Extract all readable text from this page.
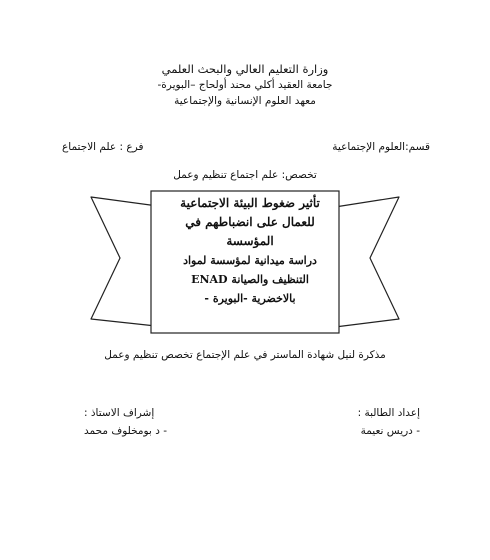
وزارة التعليم العالي والبحث العلمي
جامعة العقيد أكلي محند أولحاج –البويرة-
معهد العلوم الإنسانية والإجتماعية
قسم:العلوم الإجتماعية
فرع : علم الاجتماع
تخصص: علم اجتماع تنظيم وعمل
تأثير ضغوط البيئة الاجتماعية
للعمال على انضباطهم في
المؤسسة
دراسة ميدانية لمؤسسة لمواد
التنظيف والصيانة ENAD
بالاخضرية -البويرة -
مذكرة لنيل شهادة الماستر في علم الإجتماع تخصص تنظيم وعمل
إعداد الطالبة :
- دريس نعيمة
إشراف الاستاذ :
- د بومخلوف محمد
